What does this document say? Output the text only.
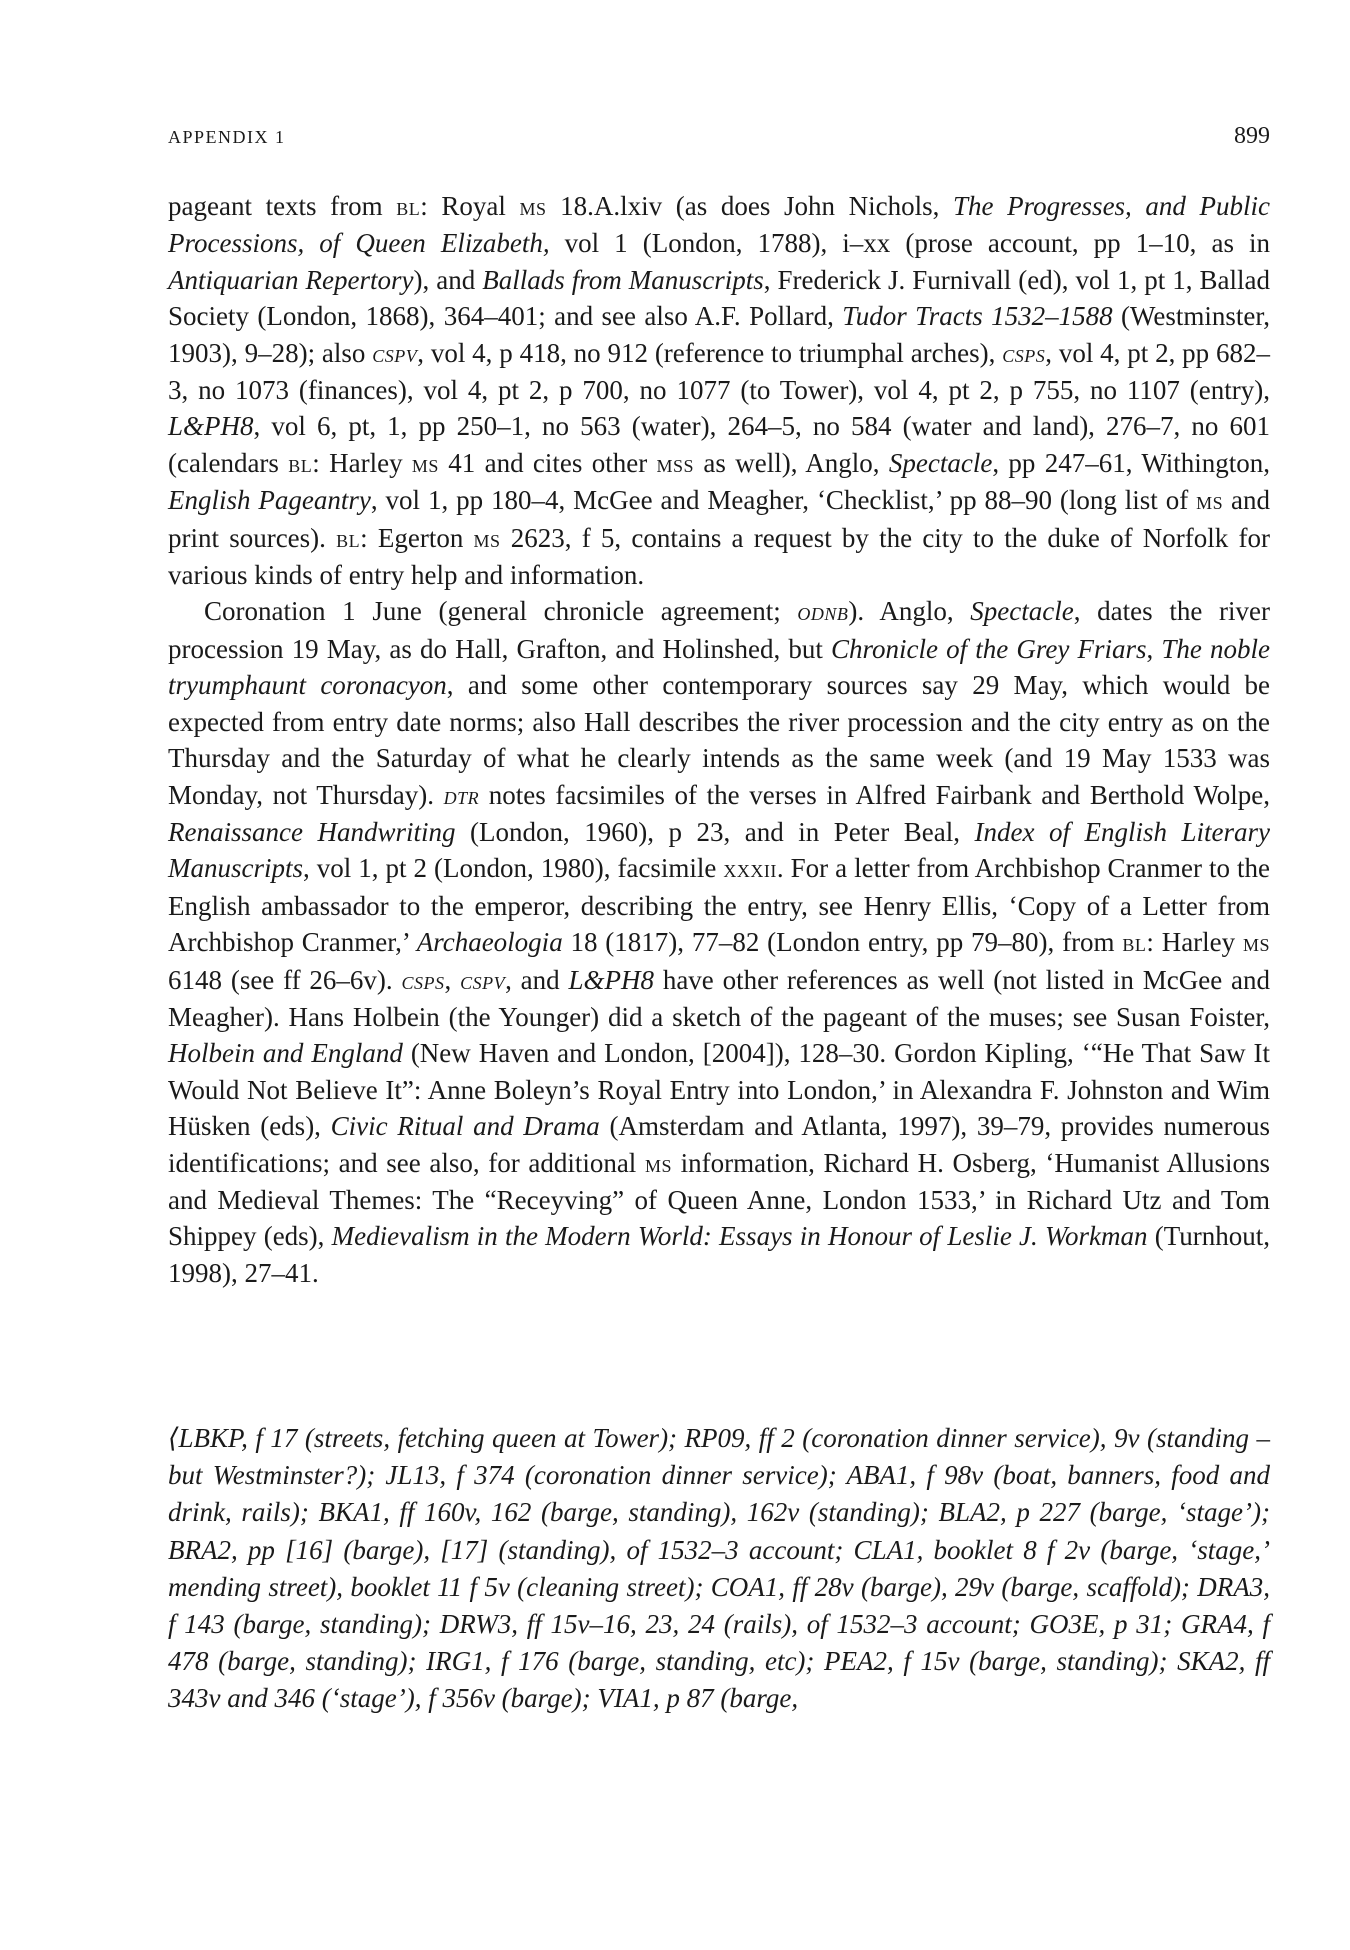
APPENDIX 1	899

pageant texts from bl: Royal ms 18.A.lxiv (as does John Nichols, The Progresses, and Public Processions, of Queen Elizabeth, vol 1 (London, 1788), i–xx (prose account, pp 1–10, as in Antiquarian Repertory), and Ballads from Manuscripts, Frederick J. Furnivall (ed), vol 1, pt 1, Ballad Society (London, 1868), 364–401; and see also A.F. Pollard, Tudor Tracts 1532–1588 (Westminster, 1903), 9–28); also cspv, vol 4, p 418, no 912 (reference to triumphal arches), csps, vol 4, pt 2, pp 682–3, no 1073 (finances), vol 4, pt 2, p 700, no 1077 (to Tower), vol 4, pt 2, p 755, no 1107 (entry), L&PH8, vol 6, pt, 1, pp 250–1, no 563 (water), 264–5, no 584 (water and land), 276–7, no 601 (calendars bl: Harley ms 41 and cites other mss as well), Anglo, Spectacle, pp 247–61, Withington, English Pageantry, vol 1, pp 180–4, McGee and Meagher, ‘Checklist,’ pp 88–90 (long list of ms and print sources). bl: Egerton ms 2623, f 5, contains a request by the city to the duke of Norfolk for various kinds of entry help and information.

Coronation 1 June (general chronicle agreement; odnb). Anglo, Spectacle, dates the river procession 19 May, as do Hall, Grafton, and Holinshed, but Chronicle of the Grey Friars, The noble tryumphaunt coronacyon, and some other contemporary sources say 29 May, which would be expected from entry date norms; also Hall describes the river procession and the city entry as on the Thursday and the Saturday of what he clearly intends as the same week (and 19 May 1533 was Monday, not Thursday). dtr notes facsimiles of the verses in Alfred Fairbank and Berthold Wolpe, Renaissance Handwriting (London, 1960), p 23, and in Peter Beal, Index of English Literary Manuscripts, vol 1, pt 2 (London, 1980), facsimile xxxii. For a letter from Archbishop Cranmer to the English ambassador to the emperor, describing the entry, see Henry Ellis, ‘Copy of a Letter from Archbishop Cranmer,’ Archaeologia 18 (1817), 77–82 (London entry, pp 79–80), from bl: Harley ms 6148 (see ff 26–6v). csps, cspv, and L&PH8 have other references as well (not listed in McGee and Meagher). Hans Holbein (the Younger) did a sketch of the pageant of the muses; see Susan Foister, Holbein and England (New Haven and London, [2004]), 128–30. Gordon Kipling, ‘“He That Saw It Would Not Believe It”: Anne Boleyn’s Royal Entry into London,’ in Alexandra F. Johnston and Wim Hüsken (eds), Civic Ritual and Drama (Amsterdam and Atlanta, 1997), 39–79, provides numerous identifications; and see also, for additional ms information, Richard H. Osberg, ‘Humanist Allusions and Medieval Themes: The “Receyving” of Queen Anne, London 1533,’ in Richard Utz and Tom Shippey (eds), Medievalism in the Modern World: Essays in Honour of Leslie J. Workman (Turnhout, 1998), 27–41.

⟨LBKP, f 17 (streets, fetching queen at Tower); RP09, ff 2 (coronation dinner service), 9v (standing – but Westminster?); JL13, f 374 (coronation dinner service); ABA1, f 98v (boat, banners, food and drink, rails); BKA1, ff 160v, 162 (barge, standing), 162v (standing); BLA2, p 227 (barge, ‘stage’); BRA2, pp [16] (barge), [17] (standing), of 1532–3 account; CLA1, booklet 8 f 2v (barge, ‘stage,’ mending street), booklet 11 f 5v (cleaning street); COA1, ff 28v (barge), 29v (barge, scaffold); DRA3, f 143 (barge, standing); DRW3, ff 15v–16, 23, 24 (rails), of 1532–3 account; GO3E, p 31; GRA4, f 478 (barge, standing); IRG1, f 176 (barge, standing, etc); PEA2, f 15v (barge, standing); SKA2, ff 343v and 346 (‘stage’), f 356v (barge); VIA1, p 87 (barge,
